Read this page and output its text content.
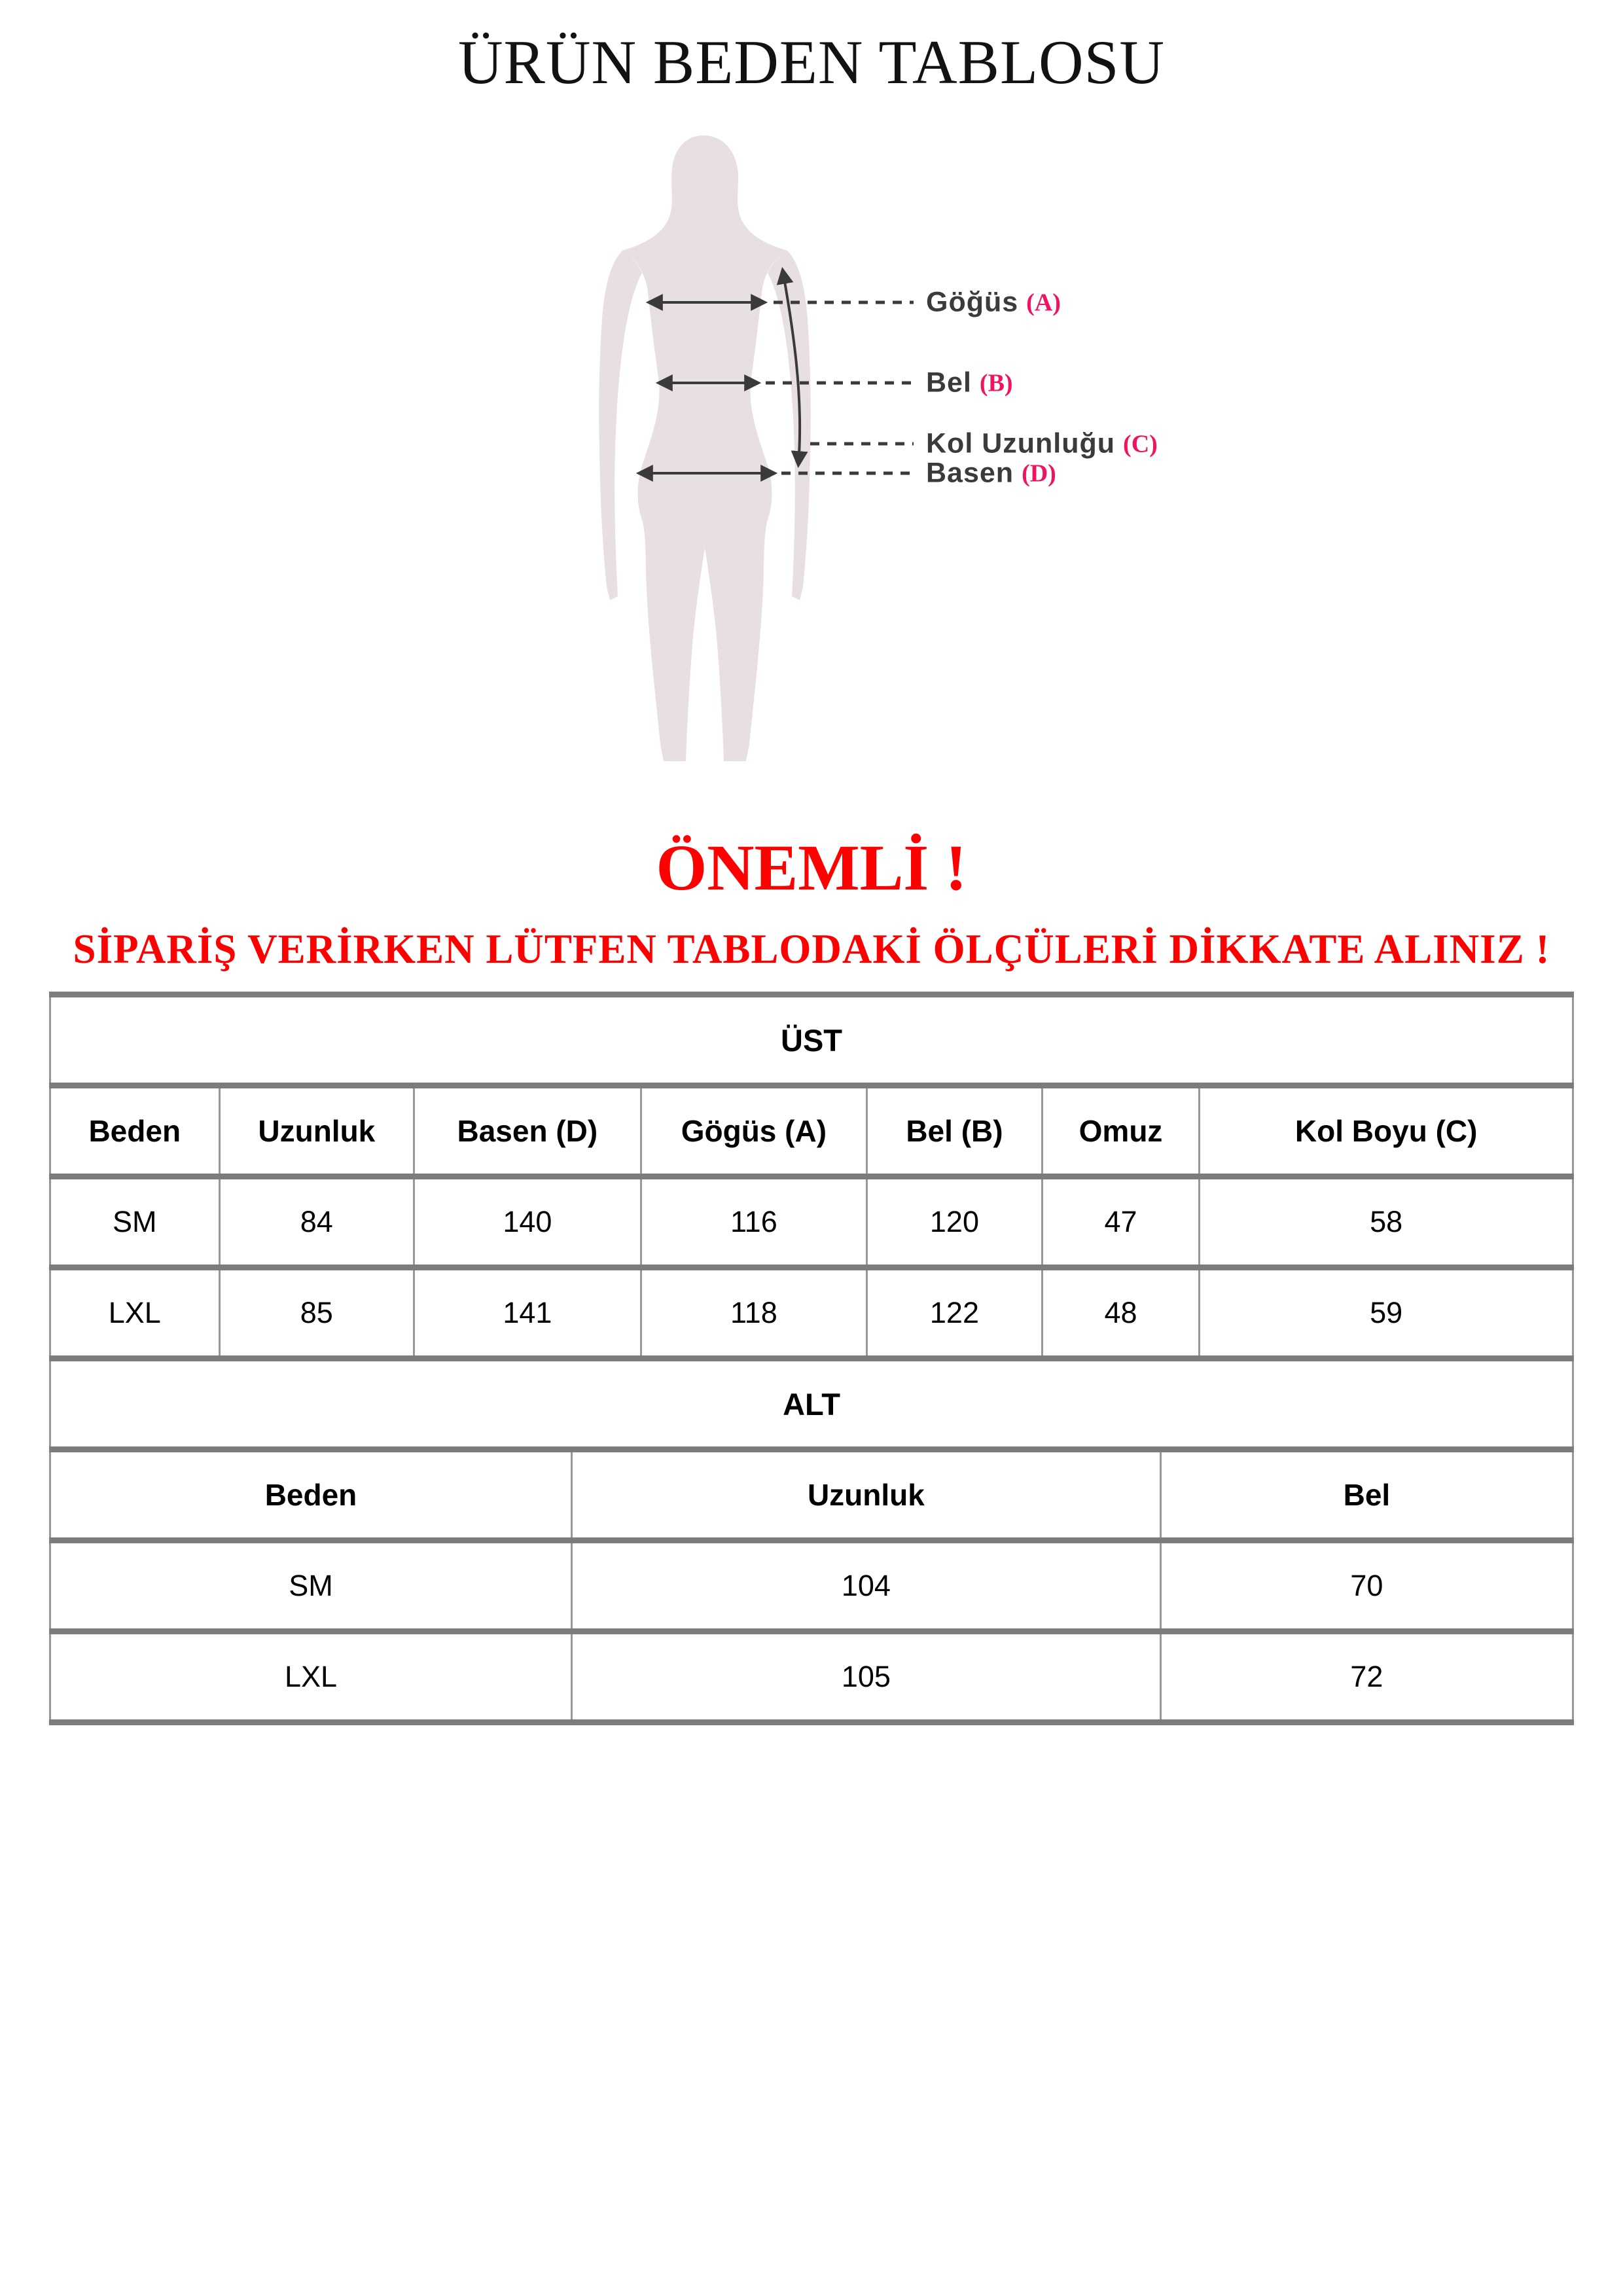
ÜRÜN BEDEN TABLOSU
Göğüs (A)
Bel (B)
Kol Uzunluğu (C)
Basen (D)
ÖNEMLİ !
SİPARİŞ VERİRKEN LÜTFEN TABLODAKİ ÖLÇÜLERİ DİKKATE ALINIZ !
ÜST						
Beden	Uzunluk	Basen (D)	Gögüs (A)	Bel (B)	Omuz	Kol Boyu (C)
SM	84	140	116	120	47	58
LXL	85	141	118	122	48	59
ALT		
Beden	Uzunluk	Bel
SM	104	70
LXL	105	72
